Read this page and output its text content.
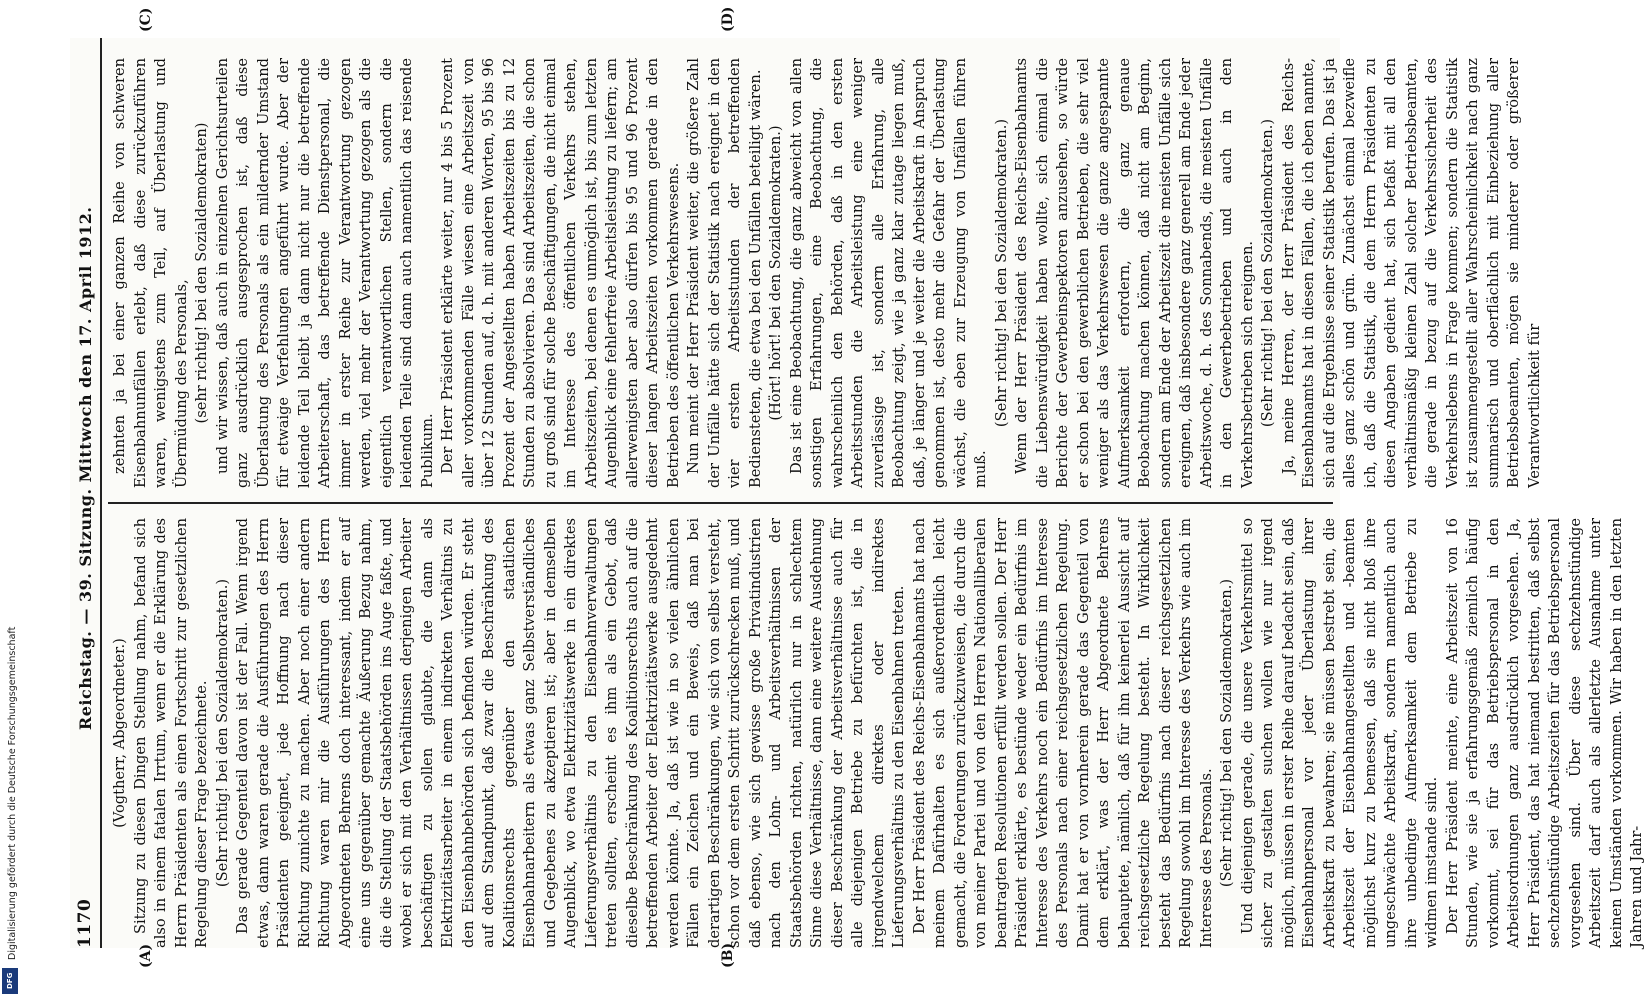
Digitalisierung gefördert durch die Deutsche Forschungsgemeinschaft
DFG
1170
Reichstag. — 39. Sitzung. Mittwoch den 17. April 1912.
(A)	(B)
(C)	(D)

(Vogtherr, Abgeordneter.) Sitzung zu diesen Dingen Stellung nahm, befand sich also in einem fatalen Irrtum, wenn er die Erklärung des Herrn Präsidenten als einen Fortschritt zur gesetzlichen Regelung dieser Frage bezeichnete. (Sehr richtig! bei den Sozialdemokraten.) Das gerade Gegenteil davon ist der Fall. Wenn irgend etwas, dann waren gerade die Ausführungen des Herrn Präsidenten geeignet, jede Hoffnung nach dieser Richtung zunichte zu machen. Aber noch einer andern Richtung waren mir die Ausführungen des Herrn Abgeordneten Behrens doch interessant, indem er auf eine uns gegenüber gemachte Äußerung Bezug nahm, die die Stellung der Staatsbehörden ins Auge faßte, und wobei er sich mit den Verhältnissen derjenigen Arbeiter beschäftigen zu sollen glaubte, die dann als Elektrizitätsarbeiter in einem indirekten Verhältnis zu den Eisenbahnbehörden sich befinden würden. Er steht auf dem Standpunkt, daß zwar die Beschränkung des Koalitionsrechts gegenüber den staatlichen Eisenbahnarbeitern als etwas ganz Selbstverständliches und Gegebenes zu akzeptieren ist; aber in demselben Augenblick, wo etwa Elektrizitätswerke in ein direktes Lieferungsverhältnis zu den Eisenbahnverwaltungen treten sollten, erscheint es ihm als ein Gebot, daß dieselbe Beschränkung des Koalitionsrechts auch auf die betreffenden Arbeiter der Elektrizitätswerke ausgedehnt werden könnte. Ja, daß ist wie in so vielen ähnlichen Fällen ein Zeichen und ein Beweis, daß man bei derartigen Beschränkungen, wie sich von selbst versteht, schon vor dem ersten Schritt zurückschrecken muß, und daß ebenso, wie sich gewisse große Privatindustrien nach den Lohn- und Arbeitsverhältnissen der Staatsbehörden richten, natürlich nur in schlechtem Sinne diese Verhältnisse, dann eine weitere Ausdehnung dieser Beschränkung der Arbeitsverhältnisse auch für alle diejenigen Betriebe zu befürchten ist, die in irgendwelchem direktes oder indirektes Lieferungsverhältnis zu den Eisenbahnen treten. Der Herr Präsident des Reichs-Eisenbahnamts hat nach meinem Dafürhalten es sich außerordentlich leicht gemacht, die Forderungen zurückzuweisen, die durch die von meiner Partei und von den Herren Nationalliberalen beantragten Resolutionen erfüllt werden sollen. Der Herr Präsident erklärte, es bestünde weder ein Bedürfnis im Interesse des Verkehrs noch ein Bedürfnis im Interesse des Personals nach einer reichsgesetzlichen Regelung. Damit hat er von vornherein gerade das Gegenteil von dem erklärt, was der Herr Abgeordnete Behrens behauptete, nämlich, daß für ihn keinerlei Aussicht auf reichsgesetzliche Regelung besteht. In Wirklichkeit besteht das Bedürfnis nach dieser reichsgesetzlichen Regelung sowohl im Interesse des Verkehrs wie auch im Interesse des Personals. (Sehr richtig! bei den Sozialdemokraten.) Und diejenigen gerade, die unsere Verkehrsmittel so sicher zu gestalten suchen wollen wie nur irgend möglich, müssen in erster Reihe darauf bedacht sein, daß Eisenbahnpersonal vor jeder Überlastung ihrer Arbeitskraft zu bewahren; sie müssen bestrebt sein, die Arbeitszeit der Eisenbahnangestellten und -beamten möglichst kurz zu bemessen, daß sie nicht bloß ihre ungeschwächte Arbeitskraft, sondern namentlich auch ihre unbedingte Aufmerksamkeit dem Betriebe zu widmen imstande sind. Der Herr Präsident meinte, eine Arbeitszeit von 16 Stunden, wie sie ja erfahrungsgemäß ziemlich häufig vorkommt, sei für das Betriebspersonal in den Arbeitsordnungen ganz ausdrücklich vorgesehen. Ja, Herr Präsident, das hat niemand bestritten, daß selbst sechzehnstündige Arbeitszeiten für das Betriebspersonal vorgesehen sind. Über diese sechzehnstündige Arbeitszeit darf auch als allerletzte Ausnahme unter keinen Umständen vorkommen. Wir haben in den letzten Jahren und Jahr-

zehnten ja bei einer ganzen Reihe von schweren Eisenbahnunfällen erlebt, daß diese zurückzuführen waren, wenigstens zum Teil, auf Überlastung und Übermüdung des Personals, (sehr richtig! bei den Sozialdemokraten) und wir wissen, daß auch in einzelnen Gerichtsurteilen ganz ausdrücklich ausgesprochen ist, daß diese Überlastung des Personals als ein mildernder Umstand für etwaige Verfehlungen angeführt wurde. Aber der leidende Teil bleibt ja dann nicht nur die betreffende Arbeiterschaft, das betreffende Dienstpersonal, die immer in erster Reihe zur Verantwortung gezogen werden, viel mehr der Verantwortung gezogen als die eigentlich verantwortlichen Stellen, sondern die leidenden Teile sind dann auch namentlich das reisende Publikum. Der Herr Präsident erklärte weiter, nur 4 bis 5 Prozent aller vorkommenden Fälle wiesen eine Arbeitszeit von über 12 Stunden auf, d. h. mit anderen Worten, 95 bis 96 Prozent der Angestellten haben Arbeitszeiten bis zu 12 Stunden zu absolvieren. Das sind Arbeitszeiten, die schon zu groß sind für solche Beschäftigungen, die nicht einmal im Interesse des öffentlichen Verkehrs stehen, Arbeitszeiten, bei denen es unmöglich ist, bis zum letzten Augenblick eine fehlerfreie Arbeitsleistung zu liefern; am allerwenigsten aber also dürfen bis 95 und 96 Prozent dieser langen Arbeitszeiten vorkommen gerade in den Betrieben des öffentlichen Verkehrswesens. Nun meint der Herr Präsident weiter, die größere Zahl der Unfälle hätte sich der Statistik nach ereignet in den vier ersten Arbeitsstunden der betreffenden Bediensteten, die etwa bei den Unfällen beteiligt wären. (Hört! hört! bei den Sozialdemokraten.) Das ist eine Beobachtung, die ganz abweicht von allen sonstigen Erfahrungen, eine Beobachtung, die wahrscheinlich den Behörden, daß in den ersten Arbeitsstunden die Arbeitsleistung eine weniger zuverlässige ist, sondern alle Erfahrung, alle Beobachtung zeigt, wie ja ganz klar zutage liegen muß, daß, je länger und je weiter die Arbeitskraft in Anspruch genommen ist, desto mehr die Gefahr der Überlastung wächst, die eben zur Erzeugung von Unfällen führen muß.

(Sehr richtig! bei den Sozialdemokraten.) Wenn der Herr Präsident des Reichs-Eisenbahnamts die Liebenswürdigkeit haben wollte, sich einmal die Berichte der Gewerbeinspektoren anzusehen, so würde er schon bei den gewerblichen Betrieben, die sehr viel weniger als das Verkehrswesen die ganze angespannte Aufmerksamkeit erfordern, die ganz genaue Beobachtung machen können, daß nicht am Beginn, sondern am Ende der Arbeitszeit die meisten Unfälle sich ereignen, daß insbesondere ganz generell am Ende jeder Arbeitswoche, d. h. des Sonnabends, die meisten Unfälle in den Gewerbebetrieben und auch in den Verkehrsbetrieben sich ereignen. (Sehr richtig! bei den Sozialdemokraten.) Ja, meine Herren, der Herr Präsident des Reichs-Eisenbahnamts hat in diesen Fällen, die ich eben nannte, sich auf die Ergebnisse seiner Statistik berufen. Das ist ja alles ganz schön und grün. Zunächst einmal bezweifle ich, daß die Statistik, die dem Herrn Präsidenten zu diesen Angaben gedient hat, sich befaßt mit all den verhältnismäßig kleinen Zahl solcher Betriebsbeamten, die gerade in bezug auf die Verkehrssicherheit des Verkehrslebens in Frage kommen; sondern die Statistik ist zusammengestellt aller Wahrscheinlichkeit nach ganz summarisch und oberflächlich mit Einbeziehung aller Betriebsbeamten, mögen sie minderer oder größerer Verantwortlichkeit für
